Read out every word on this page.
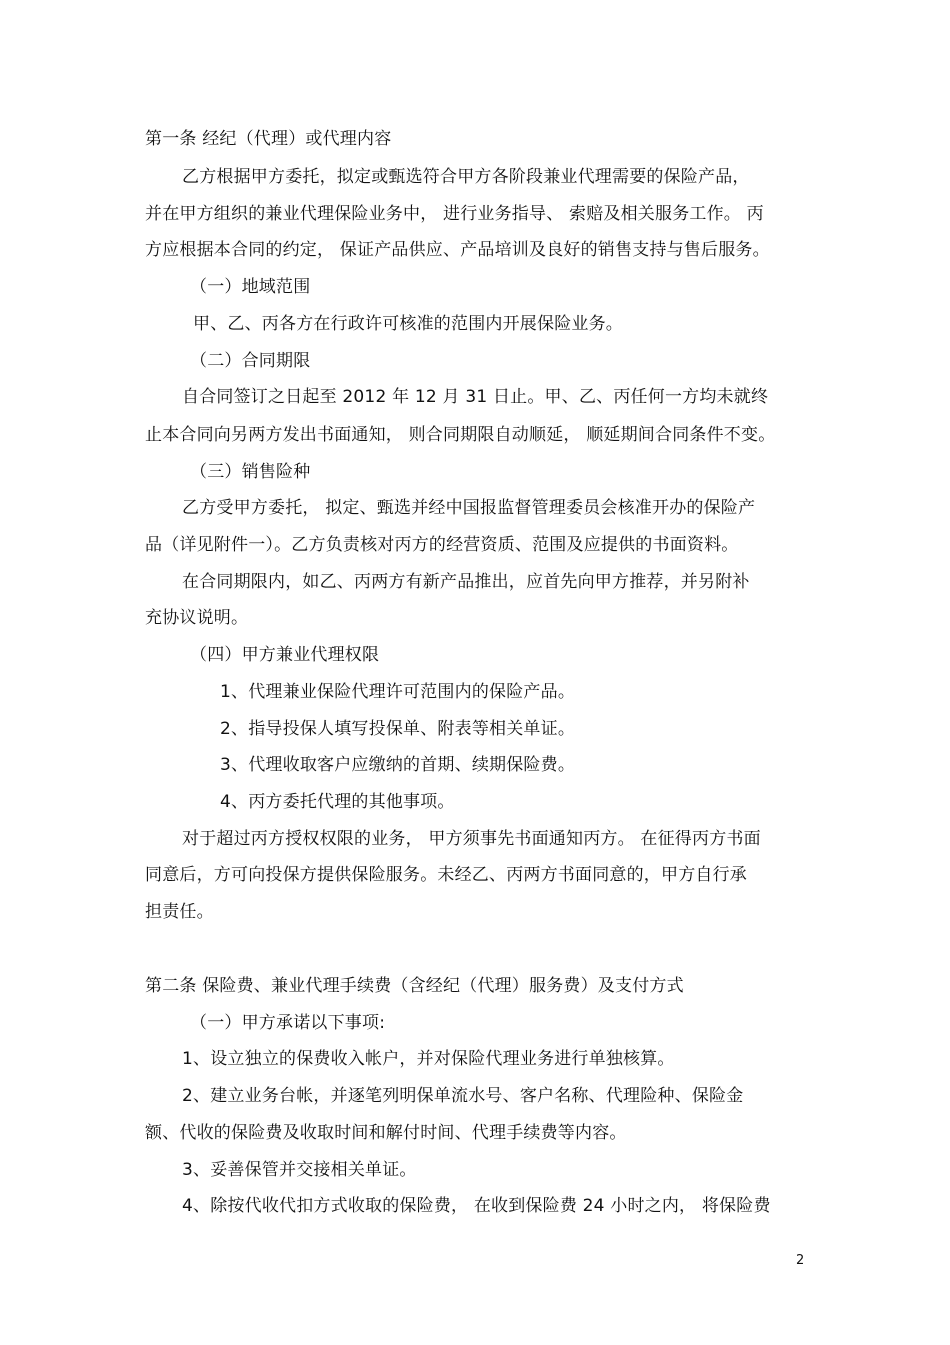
第一条 经纪（代理）或代理内容
乙方根据甲方委托，拟定或甄选符合甲方各阶段兼业代理需要的保险产品，
并在甲方组织的兼业代理保险业务中， 进行业务指导、 索赔及相关服务工作。 丙
方应根据本合同的约定， 保证产品供应、产品培训及良好的销售支持与售后服务。
（一）地域范围
甲、乙、丙各方在行政许可核准的范围内开展保险业务。
（二）合同期限
自合同签订之日起至 2012 年 12 月 31 日止。甲、乙、丙任何一方均未就终
止本合同向另两方发出书面通知， 则合同期限自动顺延， 顺延期间合同条件不变。
（三）销售险种
乙方受甲方委托， 拟定、甄选并经中国报监督管理委员会核准开办的保险产
品（详见附件一）。乙方负责核对丙方的经营资质、范围及应提供的书面资料。
在合同期限内，如乙、丙两方有新产品推出，应首先向甲方推荐，并另附补
充协议说明。
（四）甲方兼业代理权限
1、代理兼业保险代理许可范围内的保险产品。
2、指导投保人填写投保单、附表等相关单证。
3、代理收取客户应缴纳的首期、续期保险费。
4、丙方委托代理的其他事项。
对于超过丙方授权权限的业务， 甲方须事先书面通知丙方。 在征得丙方书面
同意后，方可向投保方提供保险服务。未经乙、丙两方书面同意的，甲方自行承
担责任。
第二条 保险费、兼业代理手续费（含经纪（代理）服务费）及支付方式
（一）甲方承诺以下事项:
1、设立独立的保费收入帐户，并对保险代理业务进行单独核算。
2、建立业务台帐，并逐笔列明保单流水号、客户名称、代理险种、保险金
额、代收的保险费及收取时间和解付时间、代理手续费等内容。
3、妥善保管并交接相关单证。
4、除按代收代扣方式收取的保险费， 在收到保险费 24 小时之内， 将保险费
2
